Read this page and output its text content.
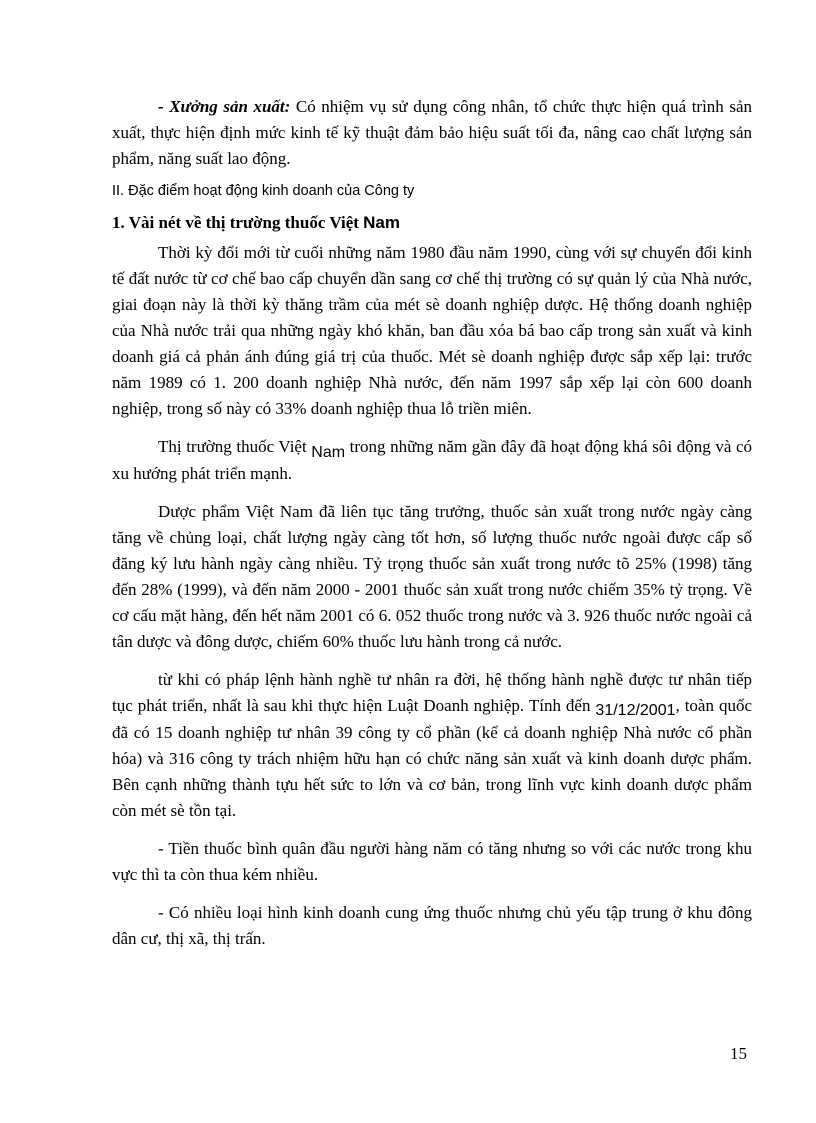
- Xưởng sản xuất: Có nhiệm vụ sử dụng công nhân, tổ chức thực hiện quá trình sản xuất, thực hiện định mức kinh tế kỹ thuật đảm bảo hiệu suất tối đa, nâng cao chất lượng sản phẩm, năng suất lao động.

II. Đặc điểm hoạt động kinh doanh của Công ty

1. Vài nét về thị trường thuốc Việt Nam

Thời kỳ đổi mới từ cuối những năm 1980 đầu năm 1990, cùng với sự chuyển đổi kinh tế đất nước từ cơ chế bao cấp chuyển dần sang cơ chế thị trường có sự quản lý của Nhà nước, giai đoạn này là thời kỳ thăng trầm của mét sè doanh nghiệp dược. Hệ thống doanh nghiệp của Nhà nước trải qua những ngày khó khăn, ban đầu xóa bá bao cấp trong sản xuất và kinh doanh giá cả phản ánh đúng giá trị của thuốc. Mét sè doanh nghiệp được sắp xếp lại: trước năm 1989 có 1. 200 doanh nghiệp Nhà nước, đến năm 1997 sắp xếp lại còn 600 doanh nghiệp, trong số này có 33% doanh nghiệp thua lỗ triền miên.

Thị trường thuốc Việt Nam trong những năm gần đây đã hoạt động khá sôi động và có xu hướng phát triển mạnh.

Dược phẩm Việt Nam đã liên tục tăng trưởng, thuốc sản xuất trong nước ngày càng tăng về chủng loại, chất lượng ngày càng tốt hơn, số lượng thuốc nước ngoài được cấp số đăng ký lưu hành ngày càng nhiều. Tỷ trọng thuốc sản xuất trong nước tõ 25% (1998) tăng đến 28% (1999), và đến năm 2000 - 2001 thuốc sản xuất trong nước chiếm 35% tỷ trọng. Về cơ cấu mặt hàng, đến hết năm 2001 có 6. 052 thuốc trong nước và 3. 926 thuốc nước ngoài cả tân dược và đông dược, chiếm 60% thuốc lưu hành trong cả nước.

từ khi có pháp lệnh hành nghề tư nhân ra đời, hệ thống hành nghề được tư nhân tiếp tục phát triển, nhất là sau khi thực hiện Luật Doanh nghiệp. Tính đến 31/12/2001, toàn quốc đã có 15 doanh nghiệp tư nhân 39 công ty cổ phần (kể cả doanh nghiệp Nhà nước cổ phần hóa) và 316 công ty trách nhiệm hữu hạn có chức năng sản xuất và kinh doanh dược phẩm. Bên cạnh những thành tựu hết sức to lớn và cơ bản, trong lĩnh vực kinh doanh dược phẩm còn mét sè tồn tại.

- Tiền thuốc bình quân đầu người hàng năm có tăng nhưng so với các nước trong khu vực thì ta còn thua kém nhiều.

- Có nhiều loại hình kinh doanh cung ứng thuốc nhưng chủ yếu tập trung ở khu đông dân cư, thị xã, thị trấn.

15
